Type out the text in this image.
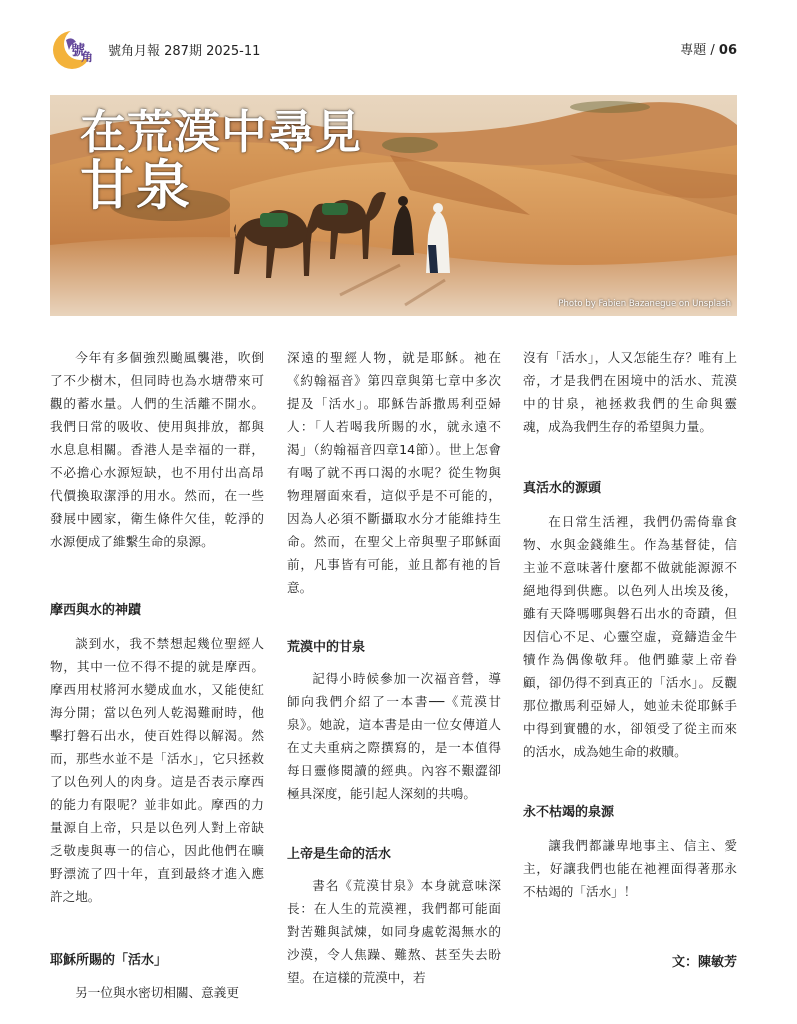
號
角 號角月報 287期 2025-11	專題 / 06
在荒漠中尋見
甘泉
Photo by Fabien Bazanegue on Unsplash

今年有多個強烈颱風襲港，吹倒了不少樹木，但同時也為水塘帶來可觀的蓄水量。人們的生活離不開水。我們日常的吸收、使用與排放，都與水息息相關。香港人是幸福的一群，不必擔心水源短缺，也不用付出高昂代價換取潔淨的用水。然而，在一些發展中國家，衛生條件欠佳，乾淨的水源便成了維繫生命的泉源。

摩西與水的神蹟

談到水，我不禁想起幾位聖經人物，其中一位不得不提的就是摩西。摩西用杖將河水變成血水，又能使紅海分開；當以色列人乾渴難耐時，他擊打磐石出水，使百姓得以解渴。然而，那些水並不是「活水」，它只拯救了以色列人的肉身。這是否表示摩西的能力有限呢？並非如此。摩西的力量源自上帝，只是以色列人對上帝缺乏敬虔與專一的信心，因此他們在曠野漂流了四十年，直到最終才進入應許之地。

耶穌所賜的「活水」

另一位與水密切相關、意義更

深遠的聖經人物，就是耶穌。祂在《約翰福音》第四章與第七章中多次提及「活水」。耶穌告訴撒馬利亞婦人：「人若喝我所賜的水，就永遠不渴」（約翰福音四章14節）。世上怎會有喝了就不再口渴的水呢？從生物與物理層面來看，這似乎是不可能的，因為人必須不斷攝取水分才能維持生命。然而，在聖父上帝與聖子耶穌面前，凡事皆有可能，並且都有祂的旨意。

荒漠中的甘泉

記得小時候參加一次福音營，導師向我們介紹了一本書──《荒漠甘泉》。她說，這本書是由一位女傳道人在丈夫重病之際撰寫的，是一本值得每日靈修閱讀的經典。內容不艱澀卻極具深度，能引起人深刻的共鳴。

上帝是生命的活水

書名《荒漠甘泉》本身就意味深長：在人生的荒漠裡，我們都可能面對苦難與試煉，如同身處乾渴無水的沙漠，令人焦躁、難熬、甚至失去盼望。在這樣的荒漠中，若

沒有「活水」，人又怎能生存？唯有上帝，才是我們在困境中的活水、荒漠中的甘泉，祂拯救我們的生命與靈魂，成為我們生存的希望與力量。

真活水的源頭

在日常生活裡，我們仍需倚靠食物、水與金錢維生。作為基督徒，信主並不意味著什麼都不做就能源源不絕地得到供應。以色列人出埃及後，雖有天降嗎哪與磐石出水的奇蹟，但因信心不足、心靈空虛，竟鑄造金牛犢作為偶像敬拜。他們雖蒙上帝眷顧，卻仍得不到真正的「活水」。反觀那位撒馬利亞婦人，她並未從耶穌手中得到實體的水，卻領受了從主而來的活水，成為她生命的救贖。

永不枯竭的泉源

讓我們都謙卑地事主、信主、愛主，好讓我們也能在祂裡面得著那永不枯竭的「活水」！

文：陳敏芳
